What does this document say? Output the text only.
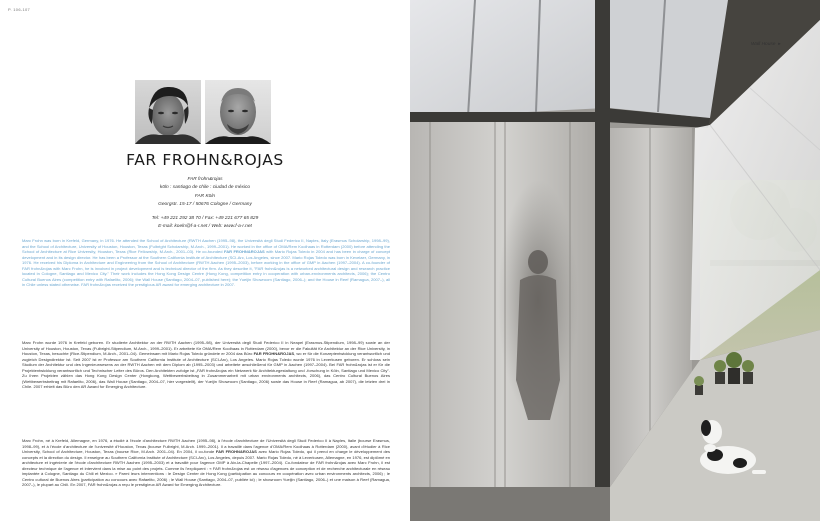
P. 106-107
FAR FROHN&ROJAS
FAR frohn&rojas
köln : santiago de chile : ciudad de méxico
FAR Köln
Georgstr. 15-17 / 50676 Cologne / Germany
Tel: +49 221 292 38 70 / Fax: +49 221 677 65 829
E-mail: koeln@f-a-r.net / Web: www.f-a-r.net

Marc Frohn was born in Krefeld, Germany, in 1976. He attended the School of Architecture (RWTH Aachen (1995–98), the Università degli Studi Federico II, Naples, Italy (Erasmus Scholarship, 1998–99), and the School of Architecture, University of Houston, Houston, Texas (Fulbright Scholarship, M.Arch., 1999–2001). He worked in the office of OMA/Rem Koolhaas in Rotterdam (2000) before attending the School of Architecture at Rice University, Houston, Texas (Rice Fellowship, M.Arch., 2001–03). He co-founded FAR FROHN&ROJAS with Mario Rojas Toledo in 2004 and has been in charge of concept development and in its design director. He has been a Professor at the Southern California Institute of Architecture (SCI-Arc, Los Angeles, since 2007. Mario Rojas Toledo was born in Kevelaer, Germany, in 1976. He received his Diploma in Architecture and Engineering from the School of Architecture (RWTH Aachen (1995–2003), before working in the office of GMP in Aachen (1997–2004). A co-founder of FAR frohn&rojas with Marc Frohn, he is involved in project development and is technical director of the firm. As they describe it, "FAR frohn&rojas is a networked architectural design and research practice located in Cologne, Santiago and Mexico City." Their work includes the Hong Kong Design Centre (Hong Kong, competition entry in cooperation with urban-environments architects, 2006); the Centro Cultural Buenos Aires (competition entry with Rafaelito, 2006); the Wall House (Santiago, 2004–07, published here); the Yueijin Showroom (Santiago, 2006–); and the House in Reef (Ramagua, 2007–), all in Chile unless stated otherwise. FAR frohn&rojas received the prestigious AR award for emerging architecture in 2007.

Marc Frohn wurde 1976 in Krefeld geboren. Er studierte Architektur an der RWTH Aachen (1995–98), der Università degli Studi Federico II in Neapel (Erasmus-Stipendium, 1998–99) sowie an der University of Houston, Houston, Texas (Fulbright-Stipendium, M.Arch., 1999–2001). Er arbeitete für OMA/Rem Koolhaas in Rotterdam (2000), bevor er die Fakultät für Architektur an der Rice University, in Houston, Texas, besuchte (Rice-Stipendium, M.Arch., 2001–04). Gemeinsam mit Mario Rojas Toledo gründete er 2004 das Büro FAR FROHN&ROJAS, wo er für die Konzeptentwicklung verantwortlich und zugleich Designdirektor ist. Seit 2007 ist er Professor am Southern California Institute of Architecture (SCI-Arc), Los Angeles. Mario Rojas Toledo wurde 1976 in Leverkusen geboren. Er schloss sein Studium der Architektur und des Ingenieurwesens an der RWTH Aachen mit dem Diplom ab (1995–2003) und arbeitete anschließend für GMP in Aachen (1997–2004). Bei FAR frohn&rojas ist er für die Projektentwicklung verantwortlich und Technischer Leiter des Büros. Den Architekten zufolge ist „FAR frohn&rojas ein Netzwerk für Architekturgestaltung und -forschung in Köln, Santiago und Mexico City". Zu ihren Projekten zählen das Hong Kong Design Center (Hongkong, Wettbewerbsbeitrag in Zusammenarbeit mit urban environments architects, 2006), das Centro Cultural Buenos Aires (Wettbewerbsbeitrag mit Rafaelito, 2006), das Wall House (Santiago, 2004–07, hier vorgestellt), der Yueijin Showroom (Santiago, 2006) sowie das House in Reef (Ramagua, ab 2007), die letzten drei in Chile. 2007 erhielt das Büro den AR Award for Emerging Architecture.

Marc Frohn, né à Krefeld, Allemagne, en 1976, a étudié à l'école d'architecture RWTH Aachen (1995–98), à l'école d'architecture de l'Università degli Studi Federico II à Naples, Italie (bourse Erasmus, 1998–99), et à l'école d'architecture de l'université d'Houston, Texas (bourse Fulbright, M.Arch. 1999–2001). Il a travaillé dans l'agence d'OMA/Rem Koolhaas à Rotterdam (2000), avant d'étudier à Rice University, School of Architecture, Houston, Texas (bourse Rice, M.Arch. 2001–04). En 2004, il co-fonde FAR FROHN&ROJAS avec Mario Rojas Toledo, qui il prend en charge le développement des concepts et la direction du design. Il enseigne au Southern California Institute of Architecture (SCI-Arc), Los Angeles, depuis 2007. Mario Rojas Toledo, né à Leverkusen, Allemagne, en 1976, est diplômé en architecture et ingénierie de l'école d'architecture RWTH Aachen (1995–2003) et a travaillé pour l'agence GMP à Aix-la-Chapelle (1997–2004). Co-fondateur de FAR frohn&rojas avec Marc Frohn, il est directeur technique de l'agence et intervient dans la mise au point des projets. Comme ils l'expliquent : « FAR frohn&rojas est un réseau d'agences de conception et de recherche architecturale en réseau implantée à Cologne, Santiago du Chili et Mexico. » Parmi leurs interventions : le Design Center de Hong Kong (participation au concours en coopération avec urban environments architects, 2006) ; le Centro cultural de Buenos Aires (participation au concours avec Rafaelito, 2006) ; le Wall House (Santiago, 2004–07, publiée ici) ; le showroom Yueijin (Santiago, 2006–) et une maison à Reef (Ramagua, 2007–), le plupart au Chili. En 2007, FAR frohn&rojas a reçu le prestigieux AR Award for Emerging Architecture.

Wall House ►
